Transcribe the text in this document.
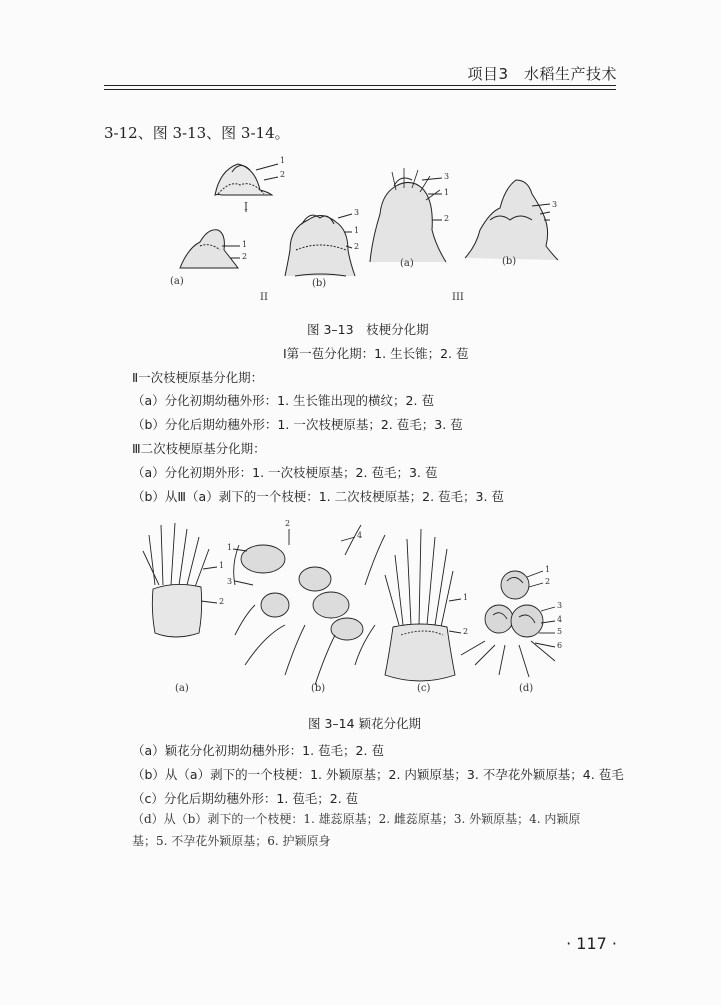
项目3　水稻生产技术
3-12、图 3-13、图 3-14。
(a)	(b)
(a)	(b)
I
II	III
1
2
1
2
3
1
2
3
1
2
3
图 3–13　枝梗分化期
Ⅰ第一苞分化期：1. 生长锥；2. 苞
Ⅱ一次枝梗原基分化期：
（a）分化初期幼穗外形：1. 生长锥出现的横纹；2. 苞
（b）分化后期幼穗外形：1. 一次枝梗原基；2. 苞毛；3. 苞
Ⅲ二次枝梗原基分化期：
（a）分化初期外形：1. 一次枝梗原基；2. 苞毛；3. 苞
（b）从Ⅲ（a）剥下的一个枝梗：1. 二次枝梗原基；2. 苞毛；3. 苞
(a)	(b)	(c)	(d)
1
2
2
4
1
3
1
2
1
2
3
4
5
6
图 3–14 颖花分化期
（a）颖花分化初期幼穗外形：1. 苞毛；2. 苞
（b）从（a）剥下的一个枝梗：1. 外颖原基；2. 内颖原基；3. 不孕花外颖原基；4. 苞毛
（c）分化后期幼穗外形：1. 苞毛；2. 苞
（d）从（b）剥下的一个枝梗：1. 雄蕊原基；2. 雌蕊原基；3. 外颖原基；4. 内颖原基；5. 不孕花外颖原基；6. 护颖原身
· 117 ·
